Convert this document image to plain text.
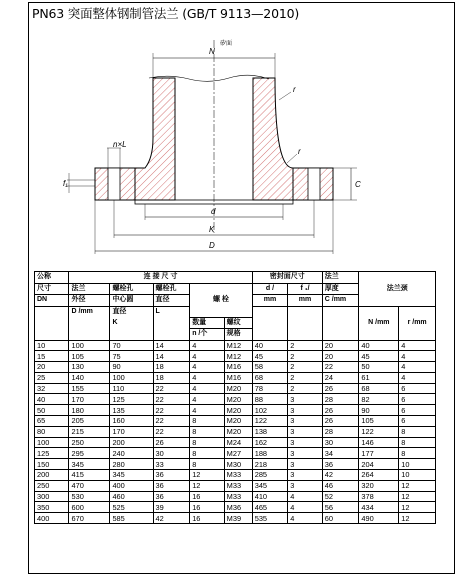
PN63 突面整体钢制管法兰 (GB/T 9113—2010)
N
矽面
r
r
n×L
f₁	C
d
K
D
公称	连 接 尺 寸					密封面尺寸		法兰	法兰颈	
尺寸	法兰	螺栓孔	螺栓孔	螺 栓		d /	f ₁/	厚度		
DN	外径	中心圆	直径			mm	mm	C /mm		
	D /mm	直径	L						N /mm	r /mm
		K		数量	螺纹					
				n /个	规格					
10	100	70	14	4	M12	40	2	20	40	4
15	105	75	14	4	M12	45	2	20	45	4
20	130	90	18	4	M16	58	2	22	50	4
25	140	100	18	4	M16	68	2	24	61	4
32	155	110	22	4	M20	78	2	26	68	6
40	170	125	22	4	M20	88	3	28	82	6
50	180	135	22	4	M20	102	3	26	90	6
65	205	160	22	8	M20	122	3	26	105	6
80	215	170	22	8	M20	138	3	28	122	8
100	250	200	26	8	M24	162	3	30	146	8
125	295	240	30	8	M27	188	3	34	177	8
150	345	280	33	8	M30	218	3	36	204	10
200	415	345	36	12	M33	285	3	42	264	10
250	470	400	36	12	M33	345	3	46	320	12
300	530	460	36	16	M33	410	4	52	378	12
350	600	525	39	16	M36	465	4	56	434	12
400	670	585	42	16	M39	535	4	60	490	12
